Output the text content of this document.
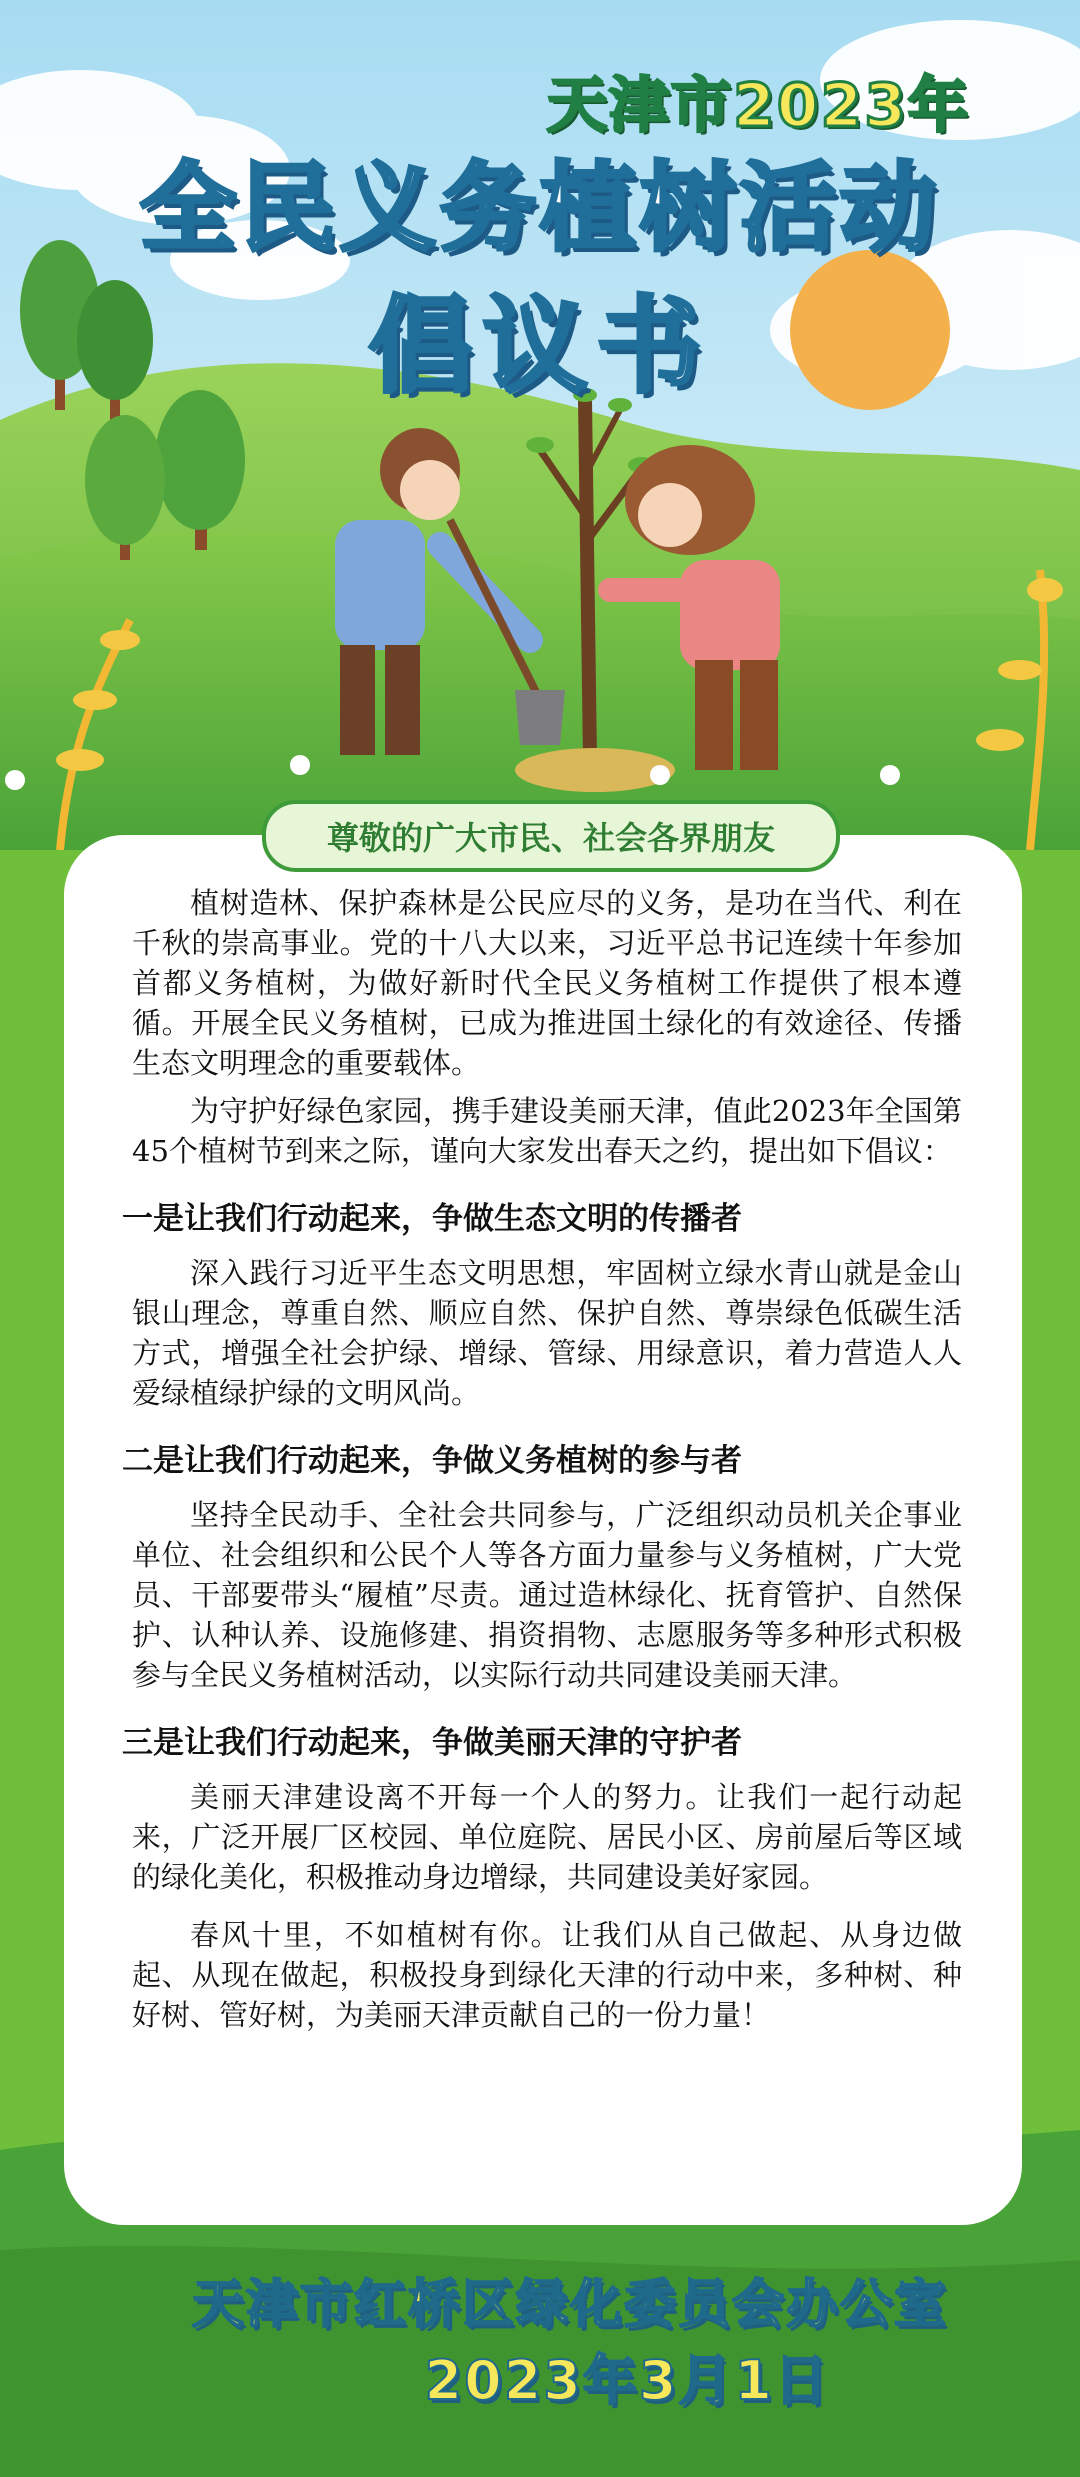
天津市2023年
全民义务植树活动
倡议书
尊敬的广大市民、社会各界朋友

植树造林、保护森林是公民应尽的义务，是功在当代、利在千秋的崇高事业。党的十八大以来，习近平总书记连续十年参加首都义务植树，为做好新时代全民义务植树工作提供了根本遵循。开展全民义务植树，已成为推进国土绿化的有效途径、传播生态文明理念的重要载体。

为守护好绿色家园，携手建设美丽天津，值此2023年全国第45个植树节到来之际，谨向大家发出春天之约，提出如下倡议：

一是让我们行动起来，争做生态文明的传播者

深入践行习近平生态文明思想，牢固树立绿水青山就是金山银山理念，尊重自然、顺应自然、保护自然、尊崇绿色低碳生活方式，增强全社会护绿、增绿、管绿、用绿意识，着力营造人人爱绿植绿护绿的文明风尚。

二是让我们行动起来，争做义务植树的参与者

坚持全民动手、全社会共同参与，广泛组织动员机关企事业单位、社会组织和公民个人等各方面力量参与义务植树，广大党员、干部要带头“履植”尽责。通过造林绿化、抚育管护、自然保护、认种认养、设施修建、捐资捐物、志愿服务等多种形式积极参与全民义务植树活动，以实际行动共同建设美丽天津。

三是让我们行动起来，争做美丽天津的守护者

美丽天津建设离不开每一个人的努力。让我们一起行动起来，广泛开展厂区校园、单位庭院、居民小区、房前屋后等区域的绿化美化，积极推动身边增绿，共同建设美好家园。

春风十里，不如植树有你。让我们从自己做起、从身边做起、从现在做起，积极投身到绿化天津的行动中来，多种树、种好树、管好树，为美丽天津贡献自己的一份力量！

天津市红桥区绿化委员会办公室
2023年3月1日
